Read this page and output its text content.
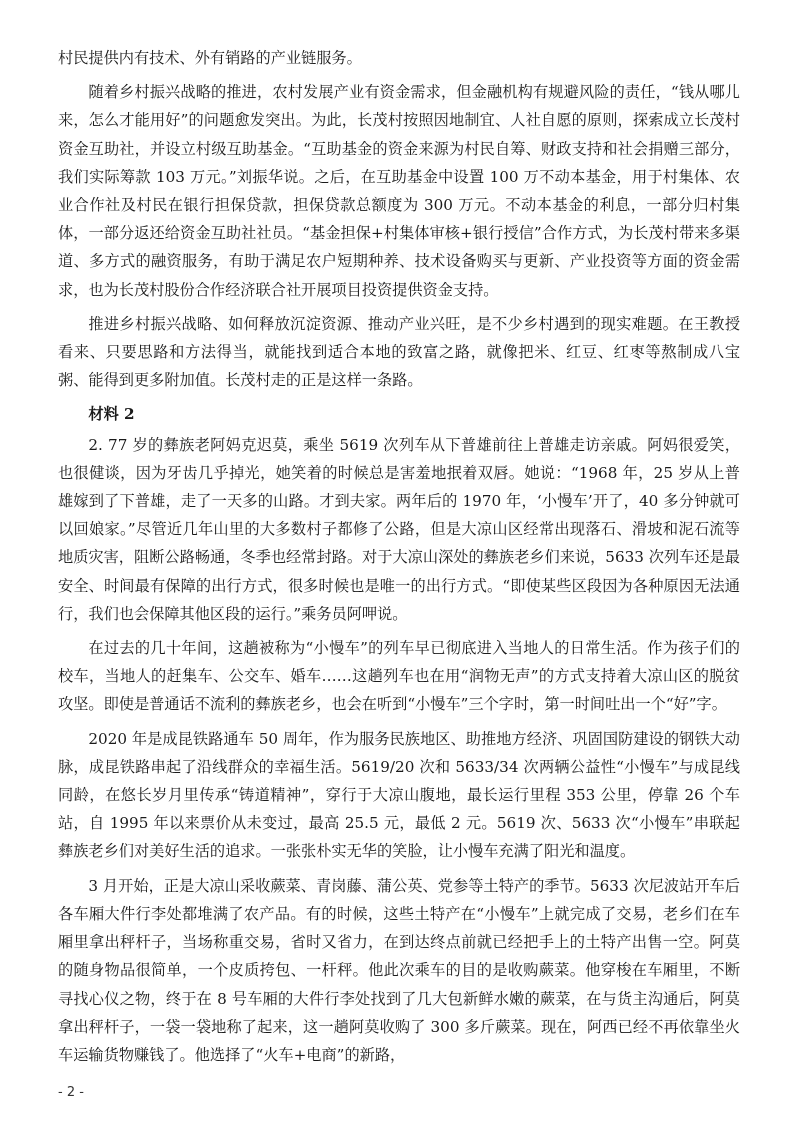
村民提供内有技术、外有销路的产业链服务。

随着乡村振兴战略的推进，农村发展产业有资金需求，但金融机构有规避风险的责任，“钱从哪儿来，怎么才能用好”的问题愈发突出。为此，长茂村按照因地制宜、人社自愿的原则，探索成立长茂村资金互助社，并设立村级互助基金。“互助基金的资金来源为村民自筹、财政支持和社会捐赠三部分，我们实际筹款 103 万元。”刘振华说。之后，在互助基金中设置 100 万不动本基金，用于村集体、农业合作社及村民在银行担保贷款，担保贷款总额度为 300 万元。不动本基金的利息，一部分归村集体，一部分返还给资金互助社社员。“基金担保+村集体审核+银行授信”合作方式，为长茂村带来多渠道、多方式的融资服务，有助于满足农户短期种养、技术设备购买与更新、产业投资等方面的资金需求，也为长茂村股份合作经济联合社开展项目投资提供资金支持。

推进乡村振兴战略、如何释放沉淀资源、推动产业兴旺，是不少乡村遇到的现实难题。在王教授看来、只要思路和方法得当，就能找到适合本地的致富之路，就像把米、红豆、红枣等熬制成八宝粥、能得到更多附加值。长茂村走的正是这样一条路。

材料 2

2. 77 岁的彝族老阿妈克迟莫，乘坐 5619 次列车从下普雄前往上普雄走访亲戚。阿妈很爱笑，也很健谈，因为牙齿几乎掉光，她笑着的时候总是害羞地抿着双唇。她说：“1968 年，25 岁从上普雄嫁到了下普雄，走了一天多的山路。才到夫家。两年后的 1970 年，‘小慢车’开了，40 多分钟就可以回娘家。”尽管近几年山里的大多数村子都修了公路，但是大凉山区经常出现落石、滑坡和泥石流等地质灾害，阻断公路畅通，冬季也经常封路。对于大凉山深处的彝族老乡们来说，5633 次列车还是最安全、时间最有保障的出行方式，很多时候也是唯一的出行方式。“即使某些区段因为各种原因无法通行，我们也会保障其他区段的运行。”乘务员阿呷说。

在过去的几十年间，这趟被称为“小慢车”的列车早已彻底进入当地人的日常生活。作为孩子们的校车，当地人的赶集车、公交车、婚车……这趟列车也在用“润物无声”的方式支持着大凉山区的脱贫攻坚。即使是普通话不流利的彝族老乡，也会在听到“小慢车”三个字时，第一时间吐出一个“好”字。

2020 年是成昆铁路通车 50 周年，作为服务民族地区、助推地方经济、巩固国防建设的钢铁大动脉，成昆铁路串起了沿线群众的幸福生活。5619/20 次和 5633/34 次两辆公益性“小慢车”与成昆线同龄，在悠长岁月里传承“铸道精神”，穿行于大凉山腹地，最长运行里程 353 公里，停靠 26 个车站，自 1995 年以来票价从未变过，最高 25.5 元，最低 2 元。5619 次、5633 次“小慢车”串联起彝族老乡们对美好生活的追求。一张张朴实无华的笑脸，让小慢车充满了阳光和温度。

3 月开始，正是大凉山采收蕨菜、青岗藤、蒲公英、党参等土特产的季节。5633 次尼波站开车后各车厢大件行李处都堆满了农产品。有的时候，这些土特产在“小慢车”上就完成了交易，老乡们在车厢里拿出秤杆子，当场称重交易，省时又省力，在到达终点前就已经把手上的土特产出售一空。阿莫的随身物品很简单，一个皮质挎包、一杆秤。他此次乘车的目的是收购蕨菜。他穿梭在车厢里，不断寻找心仪之物，终于在 8 号车厢的大件行李处找到了几大包新鲜水嫩的蕨菜，在与货主沟通后，阿莫拿出秤杆子，一袋一袋地称了起来，这一趟阿莫收购了 300 多斤蕨菜。现在，阿西已经不再依靠坐火车运输货物赚钱了。他选择了“火车+电商”的新路，

- 2 -
